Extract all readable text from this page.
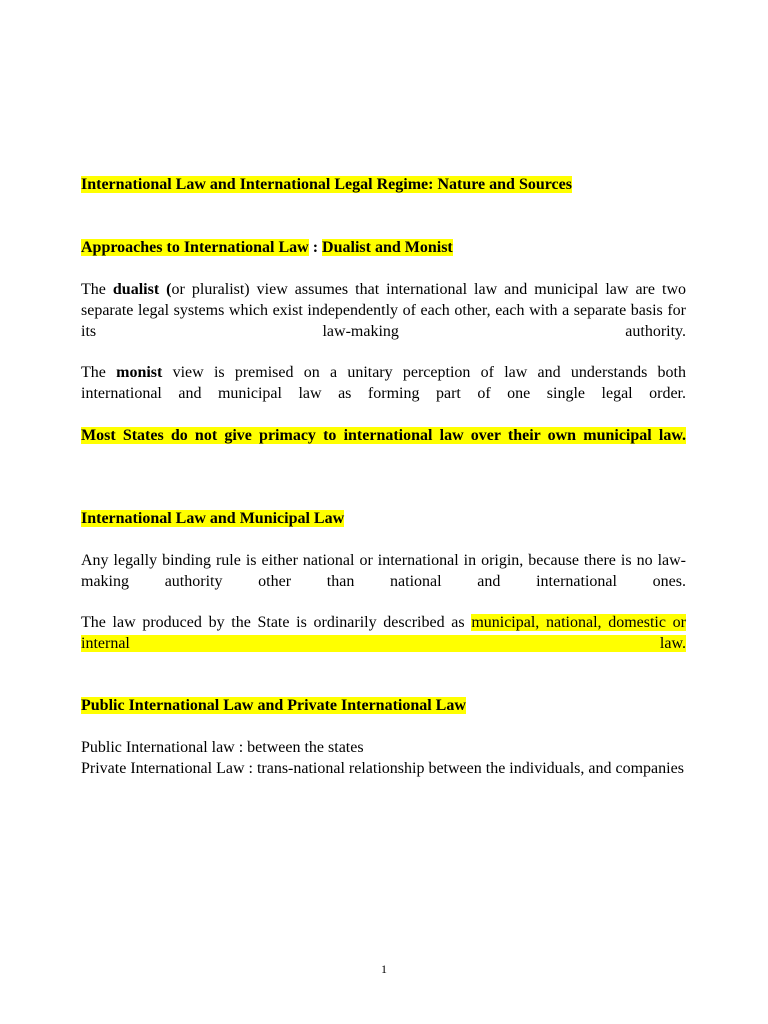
International Law and International Legal Regime: Nature and Sources

Approaches to International Law : Dualist and Monist

The dualist (or pluralist) view assumes that international law and municipal law are two separate legal systems which exist independently of each other, each with a separate basis for its law-making authority.

The monist view is premised on a unitary perception of law and understands both international and municipal law as forming part of one single legal order.

Most States do not give primacy to international law over their own municipal law.

International Law and Municipal Law

Any legally binding rule is either national or international in origin, because there is no law-making authority other than national and international ones.

The law produced by the State is ordinarily described as municipal, national, domestic or internal law.

Public International Law and Private International Law

Public International law : between the states

Private International Law : trans-national relationship between the individuals, and companies

1
